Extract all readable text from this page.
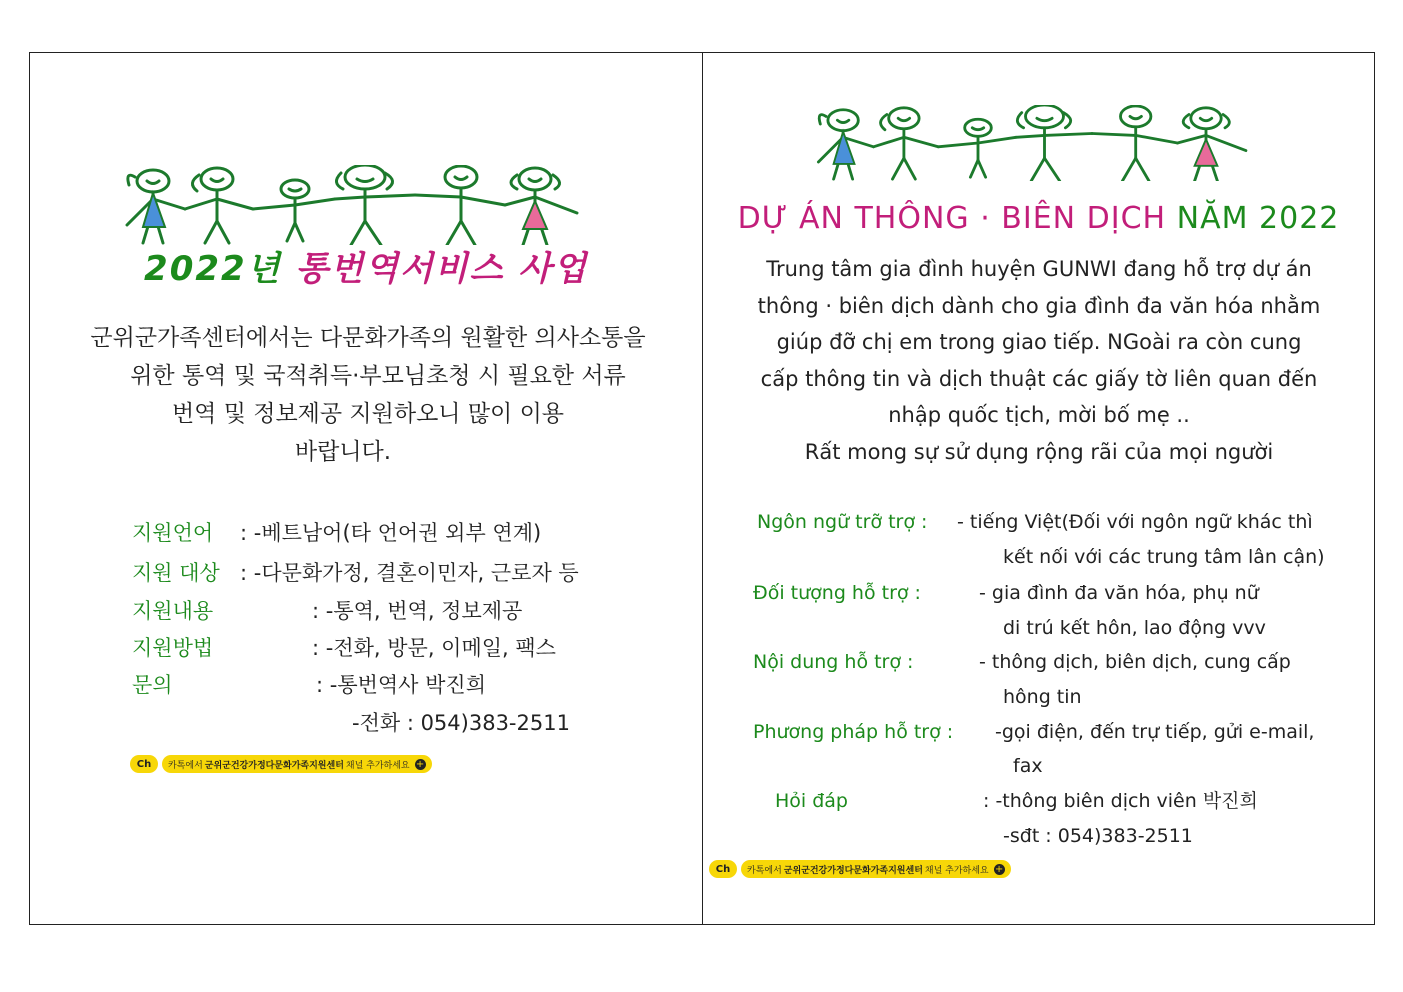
2022년 통번역서비스 사업
군위군가족센터에서는 다문화가족의 원활한 의사소통을
위한 통역 및 국적취득·부모님초청 시 필요한 서류
번역 및 정보제공 지원하오니 많이 이용
바랍니다.
지원언어 : -베트남어(타 언어권 외부 연계)
지원 대상 : -다문화가정, 결혼이민자, 근로자 등
지원내용	: -통역, 번역, 정보제공
지원방법	: -전화, 방문, 이메일, 팩스
문의	: -통번역사 박진희
-전화 : 054)383-2511
Ch	카톡에서 군위군건강가정다문화가족지원센터 채널 추가하세요 +
DỰ ÁN THÔNG · BIÊN DỊCH NĂM 2022
Trung tâm gia đình huyện GUNWI đang hỗ trợ dự án
thông · biên dịch dành cho gia đình đa văn hóa nhằm
giúp đỡ chị em trong giao tiếp. NGoài ra còn cung
cấp thông tin và dịch thuật các giấy tờ liên quan đến
nhập quốc tịch, mời bố mẹ ..
Rất mong sự sử dụng rộng rãi của mọi người
Ngôn ngữ trỡ trợ : - tiếng Việt(Đối với ngôn ngữ khác thì
kết nối với các trung tâm lân cận)
Đối tượng hỗ trợ :	- gia đình đa văn hóa, phụ nữ
di trú kết hôn, lao động vvv
Nội dung hỗ trợ :	- thông dịch, biên dịch, cung cấp
hông tin
Phương pháp hỗ trợ : -gọi điện, đến trự tiếp, gửi e-mail,
fax
Hỏi đáp	: -thông biên dịch viên 박진희
-sđt : 054)383-2511
Ch	카톡에서 군위군건강가정다문화가족지원센터 채널 추가하세요 +
